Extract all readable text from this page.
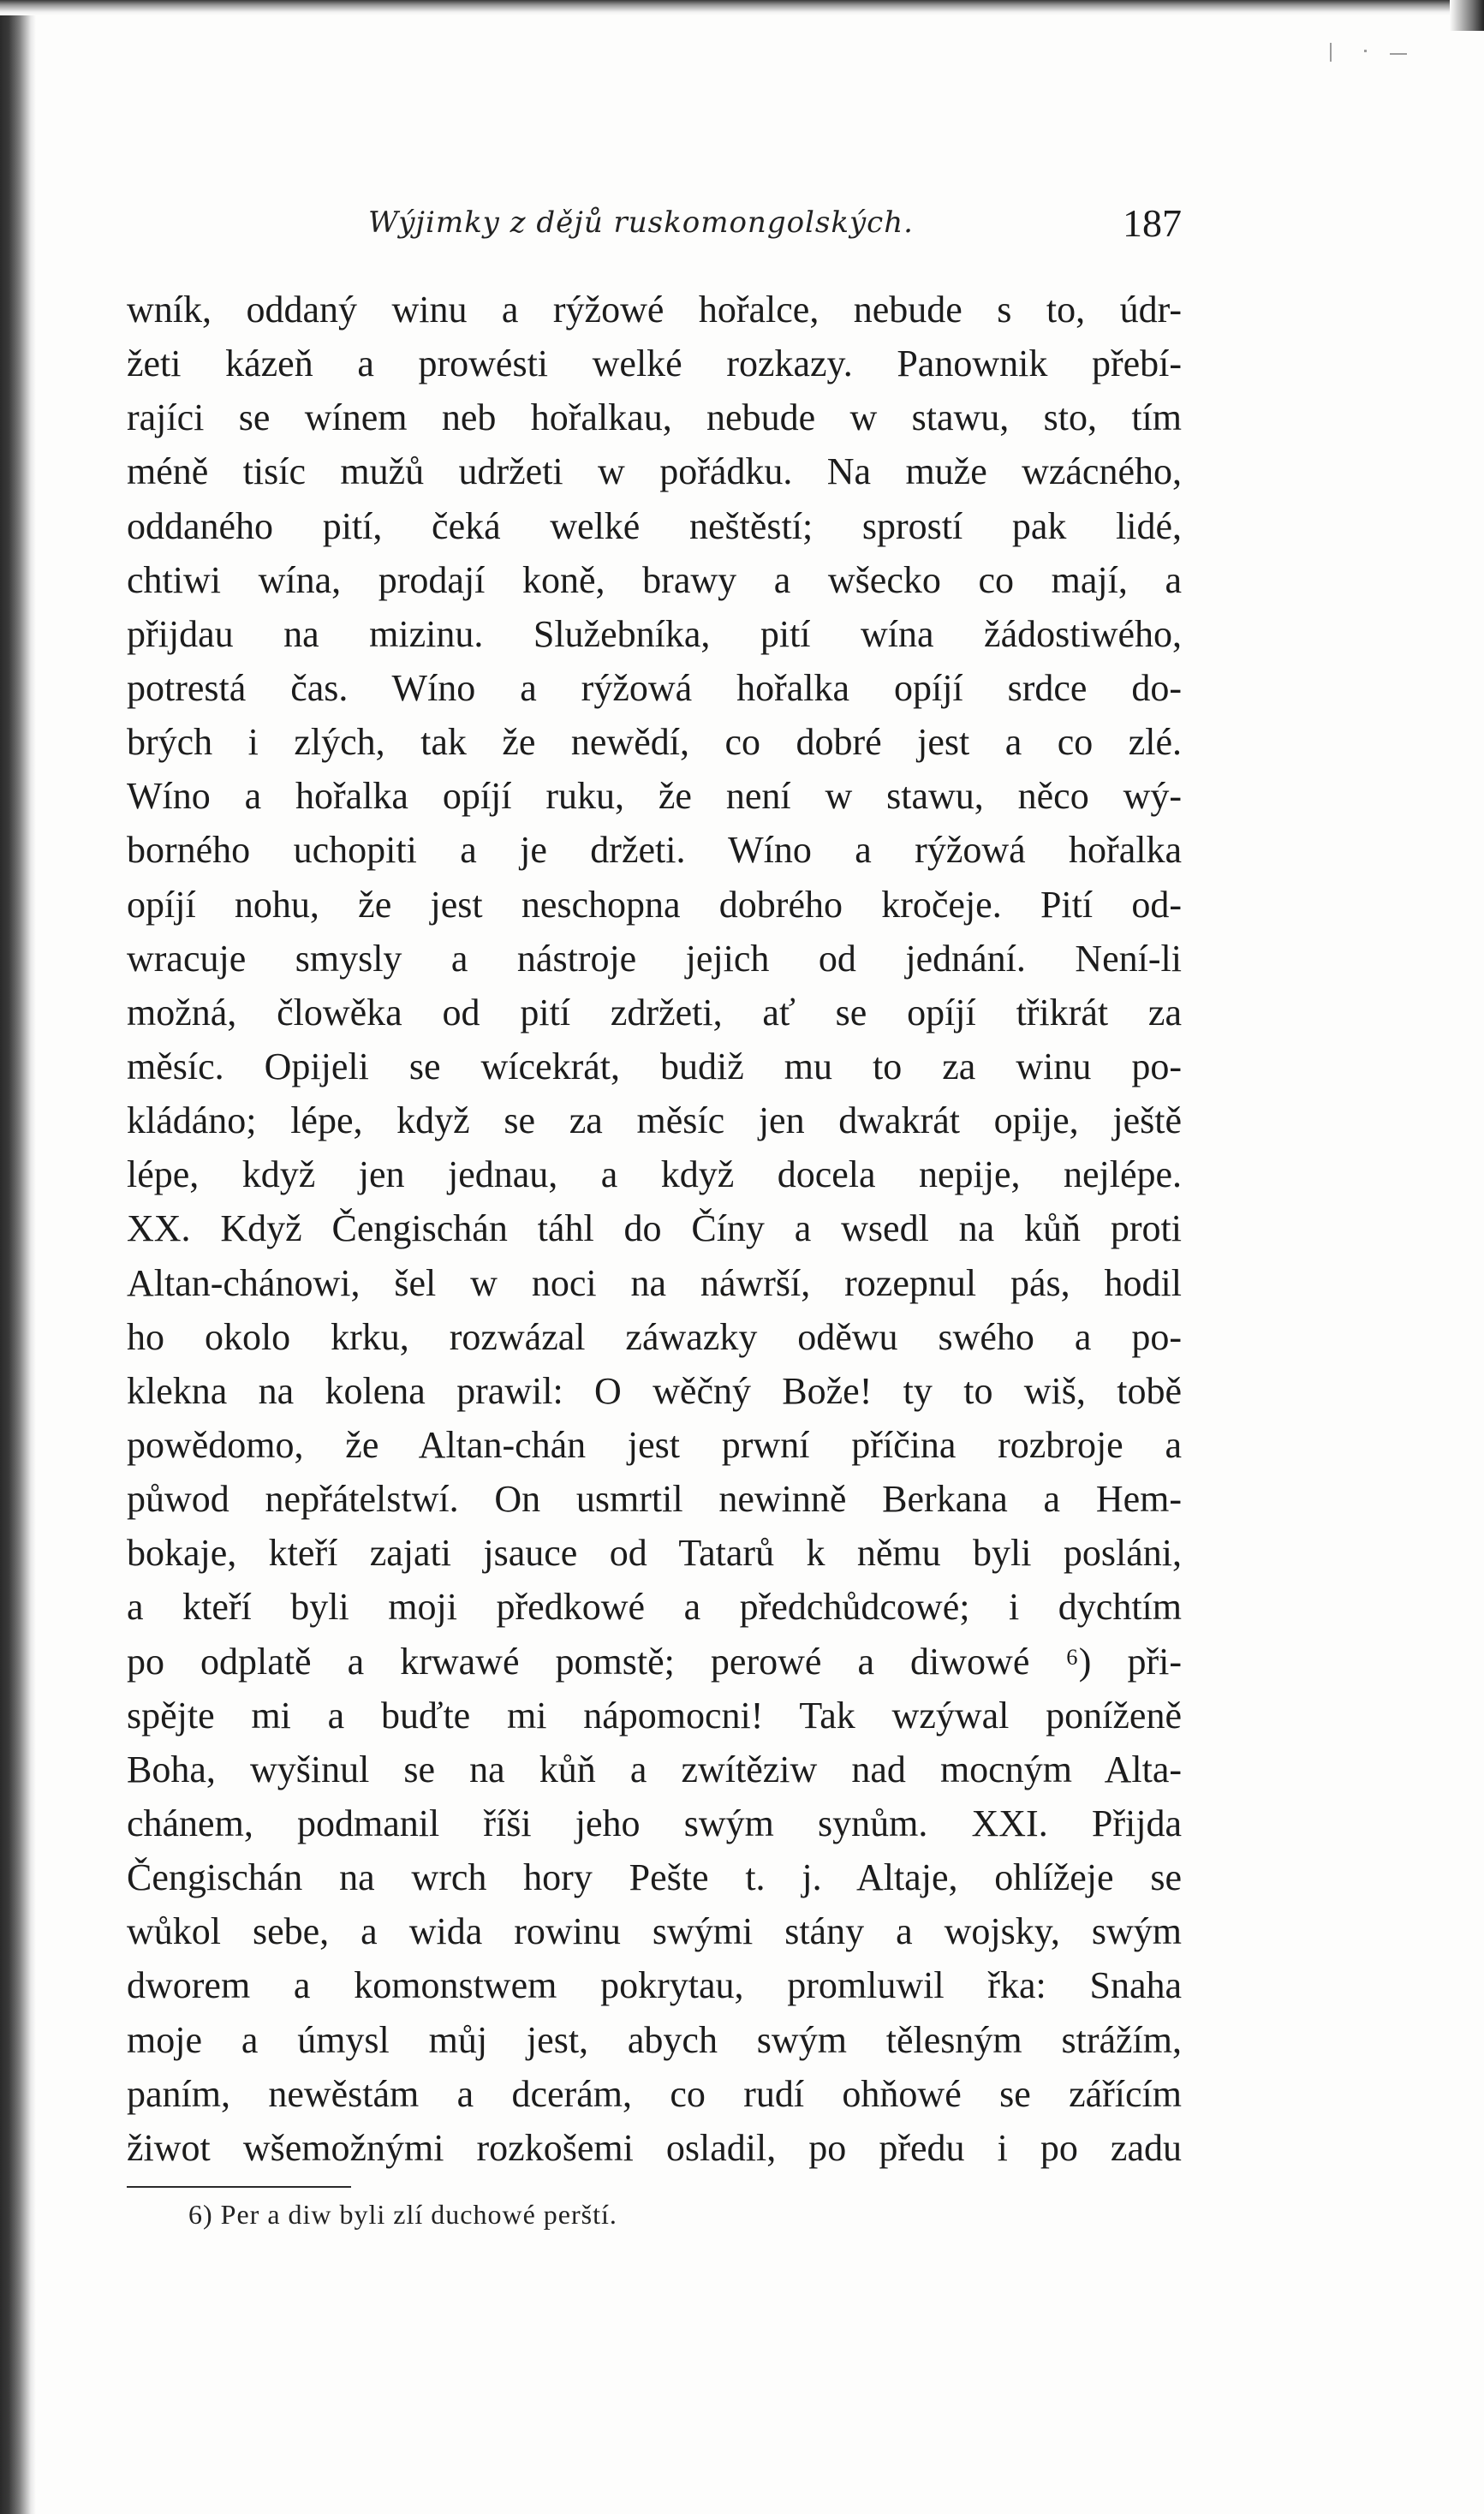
Wýjimky z dějů ruskomongolských.	187
wník, oddaný winu a rýžowé hořalce, nebude s to, údr-
žeti kázeň a prowésti welké rozkazy. Panownik přebí-
rajíci se wínem neb hořalkau, nebude w stawu, sto, tím
méně tisíc mužů udržeti w pořádku. Na muže wzácného,
oddaného pití, čeká welké neštěstí; sprostí pak lidé,
chtiwi wína, prodají koně, brawy a wšecko co mají, a
přijdau na mizinu. Služebníka, pití wína žádostiwého,
potrestá čas. Wíno a rýžowá hořalka opíjí srdce do-
brých i zlých, tak že newědí, co dobré jest a co zlé.
Wíno a hořalka opíjí ruku, že není w stawu, něco wý-
borného uchopiti a je držeti. Wíno a rýžowá hořalka
opíjí nohu, že jest neschopna dobrého kročeje. Pití od-
wracuje smysly a nástroje jejich od jednání. Není-li
možná, člowěka od pití zdržeti, ať se opíjí třikrát za
měsíc. Opijeli se wícekrát, budiž mu to za winu po-
kládáno; lépe, když se za měsíc jen dwakrát opije, ještě
lépe, když jen jednau, a když docela nepije, nejlépe.
XX. Když Čengischán táhl do Číny a wsedl na kůň proti
Altan-chánowi, šel w noci na náwrší, rozepnul pás, hodil
ho okolo krku, rozwázal záwazky oděwu swého a po-
klekna na kolena prawil: O wěčný Bože! ty to wiš, tobě
powědomo, že Altan-chán jest prwní příčina rozbroje a
půwod nepřátelstwí. On usmrtil newinně Berkana a Hem-
bokaje, kteří zajati jsauce od Tatarů k němu byli posláni,
a kteří byli moji předkowé a předchůdcowé; i dychtím
po odplatě a krwawé pomstě; perowé a diwowé ⁶) při-
spějte mi a buďte mi nápomocni! Tak wzýwal poníženě
Boha, wyšinul se na kůň a zwítěziw nad mocným Alta-
chánem, podmanil říši jeho swým synům. XXI. Přijda
Čengischán na wrch hory Pešte t. j. Altaje, ohlížeje se
wůkol sebe, a wida rowinu swými stány a wojsky, swým
dworem a komonstwem pokrytau, promluwil řka: Snaha
moje a úmysl můj jest, abych swým tělesným strážím,
paním, newěstám a dcerám, co rudí ohňowé se zářícím
žiwot wšemožnými rozkošemi osladil, po předu i po zadu
6) Per a diw byli zlí duchowé perští.
